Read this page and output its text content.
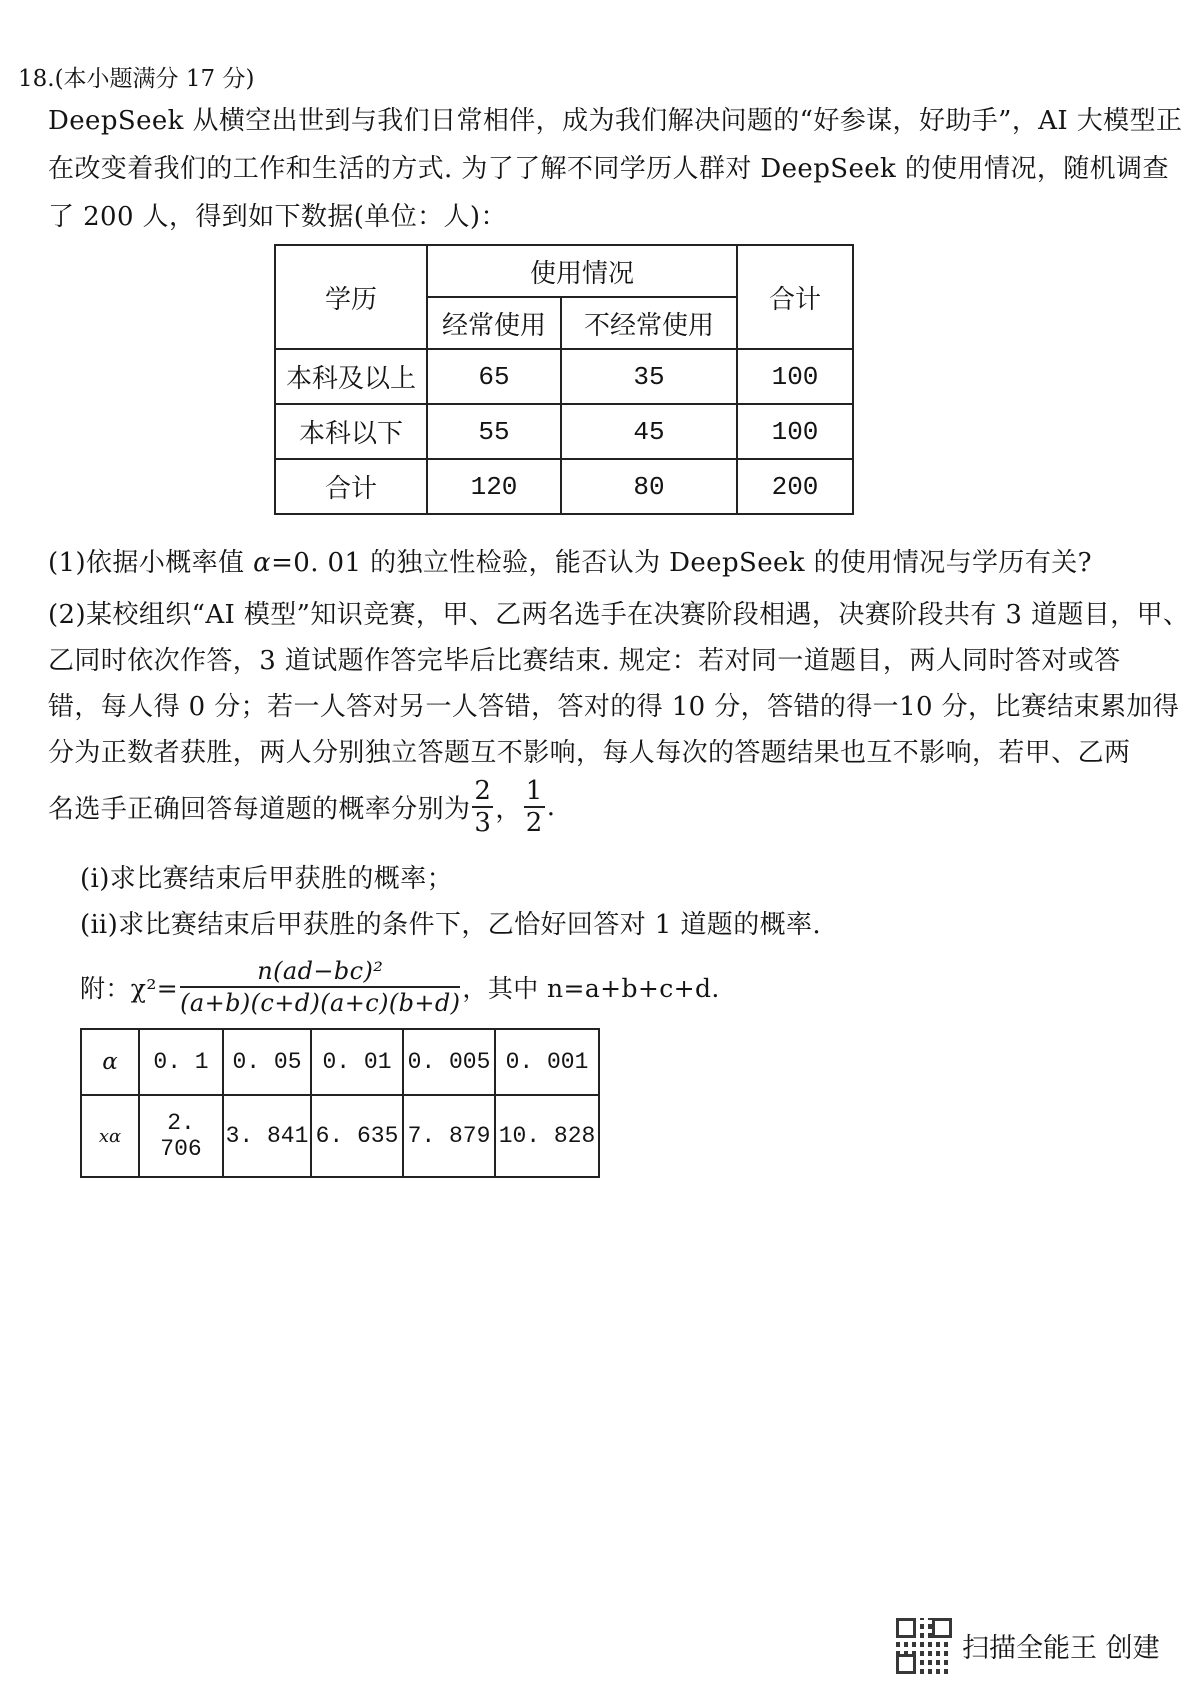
18.(本小题满分 17 分)
DeepSeek 从横空出世到与我们日常相伴，成为我们解决问题的“好参谋，好助手”，AI 大模型正
在改变着我们的工作和生活的方式. 为了了解不同学历人群对 DeepSeek 的使用情况，随机调查
了 200 人，得到如下数据(单位：人)：
学历	使用情况		合计
	经常使用	不经常使用	
本科及以上	65	35	100
本科以下	55	45	100
合计	120	80	200
(1)依据小概率值 α=0. 01 的独立性检验，能否认为 DeepSeek 的使用情况与学历有关?
(2)某校组织“AI 模型”知识竞赛，甲、乙两名选手在决赛阶段相遇，决赛阶段共有 3 道题目，甲、
乙同时依次作答，3 道试题作答完毕后比赛结束. 规定：若对同一道题目，两人同时答对或答
错，每人得 0 分；若一人答对另一人答错，答对的得 10 分，答错的得一10 分，比赛结束累加得
分为正数者获胜，两人分别独立答题互不影响，每人每次的答题结果也互不影响，若甲、乙两
名选手正确回答每道题的概率分别为 $\frac{2}{3}$ ， $\frac{1}{2}$ .
(ⅰ)求比赛结束后甲获胜的概率；
(ⅱ)求比赛结束后甲获胜的条件下，乙恰好回答对 1 道题的概率.
附：$\chi^2= \frac{\text{n(ad−bc)²}}{(a+b)(c+d)(a+c)(b+d)}$ ，其中 n=a+b+c+d.
α	0. 1	0. 05	0. 01	0. 005	0. 001
xα	2. 706	3. 841	6. 635	7. 879	10. 828
扫描全能王 创建
